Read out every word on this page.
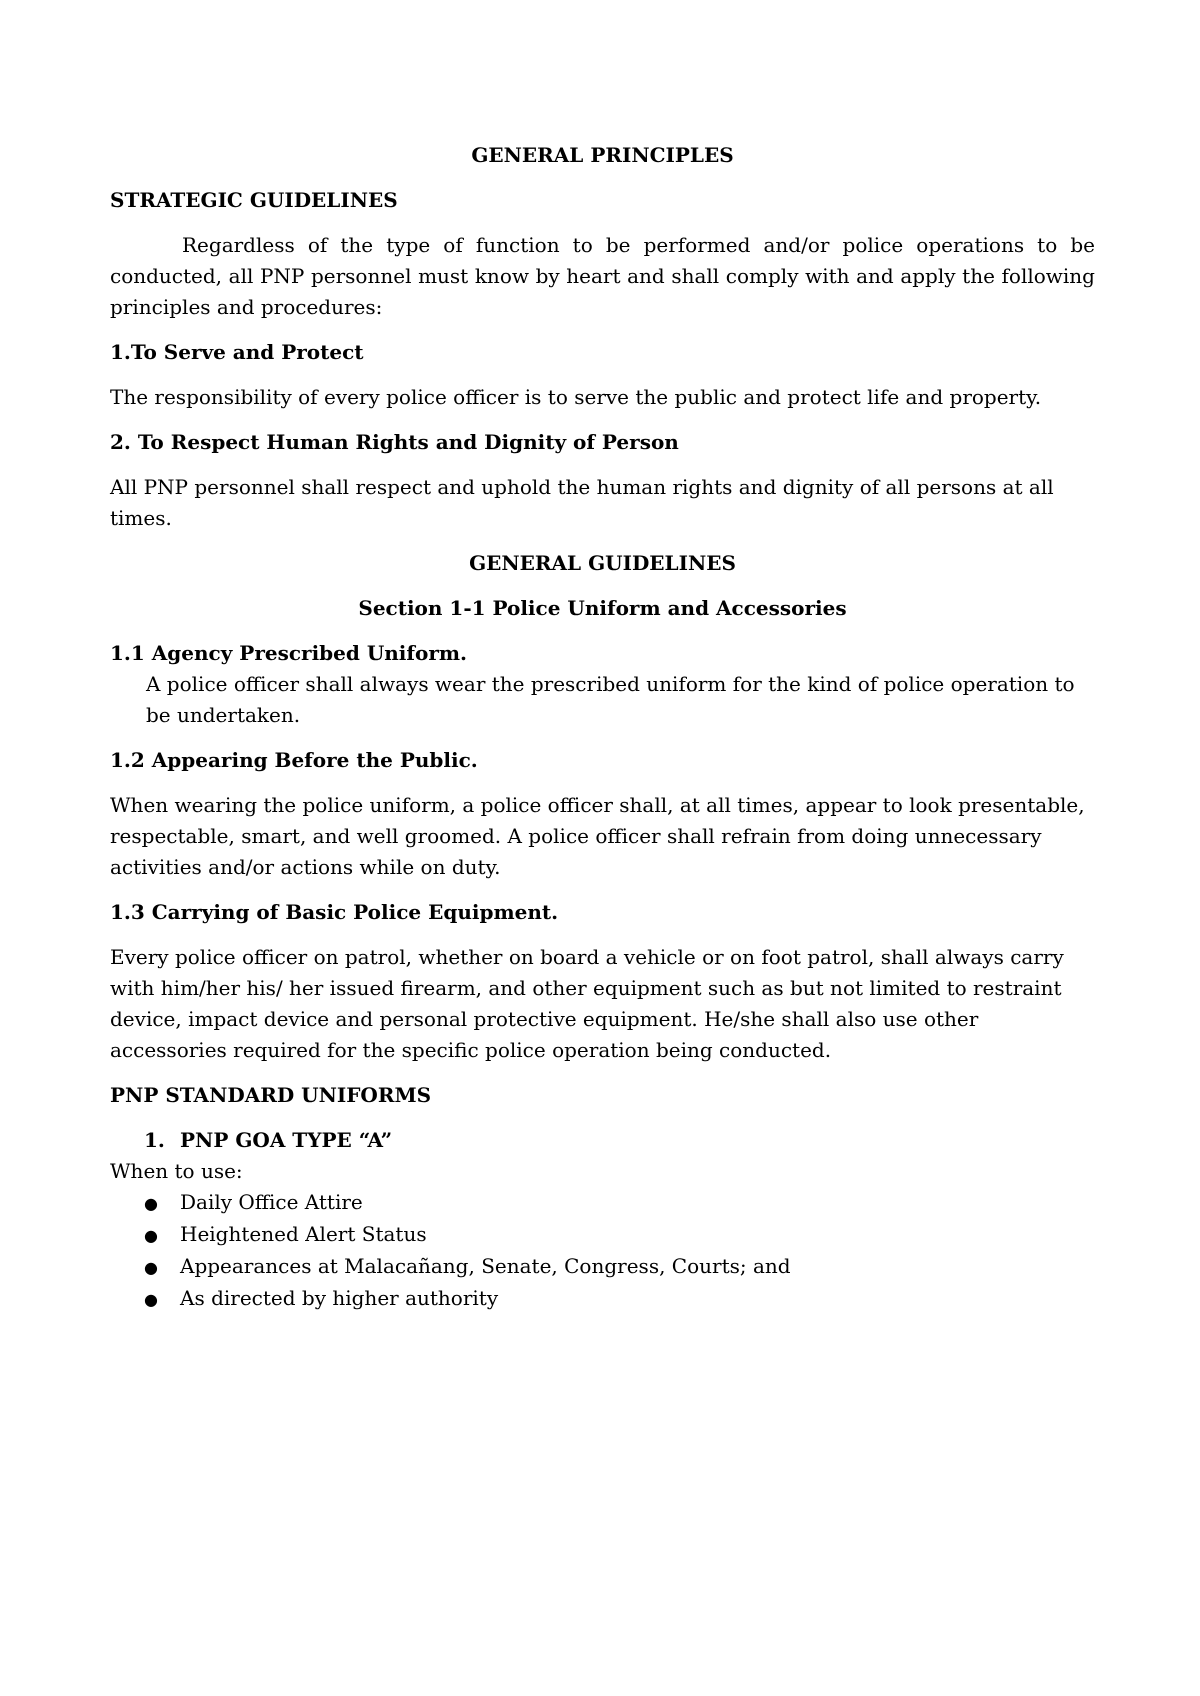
GENERAL PRINCIPLES
STRATEGIC GUIDELINES

Regardless of the type of function to be performed and/or police operations to be conducted, all PNP personnel must know by heart and shall comply with and apply the following principles and procedures:

1.To Serve and Protect

The responsibility of every police officer is to serve the public and protect life and property.

2. To Respect Human Rights and Dignity of Person

All PNP personnel shall respect and uphold the human rights and dignity of all persons at all times.

GENERAL GUIDELINES
Section 1-1 Police Uniform and Accessories
1.1 Agency Prescribed Uniform.
A police officer shall always wear the prescribed uniform for the kind of police operation to be undertaken.
1.2 Appearing Before the Public.

When wearing the police uniform, a police officer shall, at all times, appear to look presentable, respectable, smart, and well groomed. A police officer shall refrain from doing unnecessary activities and/or actions while on duty.

1.3 Carrying of Basic Police Equipment.

Every police officer on patrol, whether on board a vehicle or on foot patrol, shall always carry with him/her his/ her issued firearm, and other equipment such as but not limited to restraint device, impact device and personal protective equipment. He/she shall also use other accessories required for the specific police operation being conducted.

PNP STANDARD UNIFORMS
1. PNP GOA TYPE “A”
When to use:
●	Daily Office Attire
●	Heightened Alert Status
●	Appearances at Malacañang, Senate, Congress, Courts; and
●	As directed by higher authority
